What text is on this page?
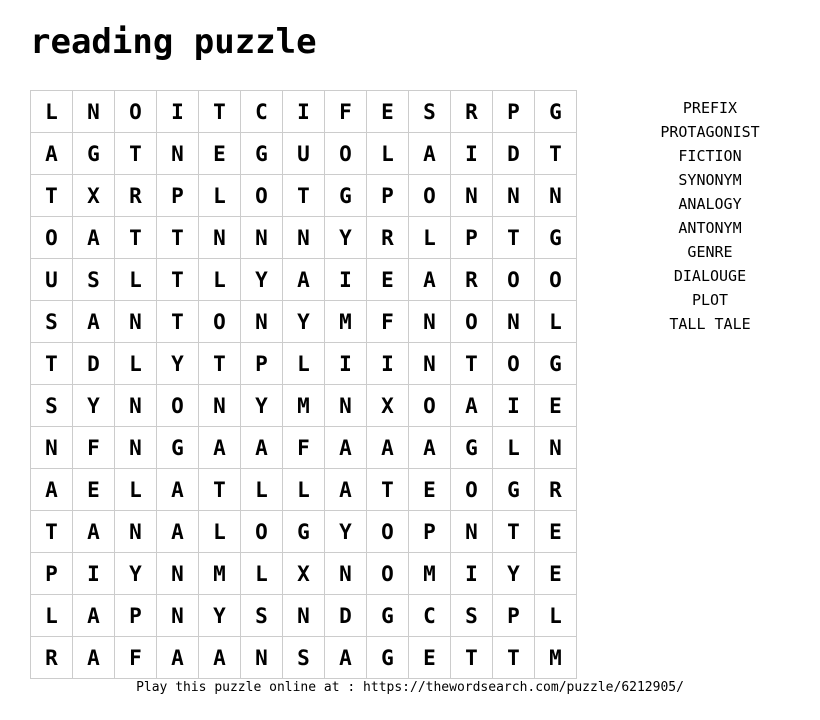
reading puzzle
L	N	O	I	T	C	I	F	E	S	R	P	G
A	G	T	N	E	G	U	O	L	A	I	D	T
T	X	R	P	L	O	T	G	P	O	N	N	N
O	A	T	T	N	N	N	Y	R	L	P	T	G
U	S	L	T	L	Y	A	I	E	A	R	O	O
S	A	N	T	O	N	Y	M	F	N	O	N	L
T	D	L	Y	T	P	L	I	I	N	T	O	G
S	Y	N	O	N	Y	M	N	X	O	A	I	E
N	F	N	G	A	A	F	A	A	A	G	L	N
A	E	L	A	T	L	L	A	T	E	O	G	R
T	A	N	A	L	O	G	Y	O	P	N	T	E
P	I	Y	N	M	L	X	N	O	M	I	Y	E
L	A	P	N	Y	S	N	D	G	C	S	P	L
R	A	F	A	A	N	S	A	G	E	T	T	M
PREFIX
PROTAGONIST
FICTION
SYNONYM
ANALOGY
ANTONYM
GENRE
DIALOUGE
PLOT
TALL TALE
Play this puzzle online at : https://thewordsearch.com/puzzle/6212905/
